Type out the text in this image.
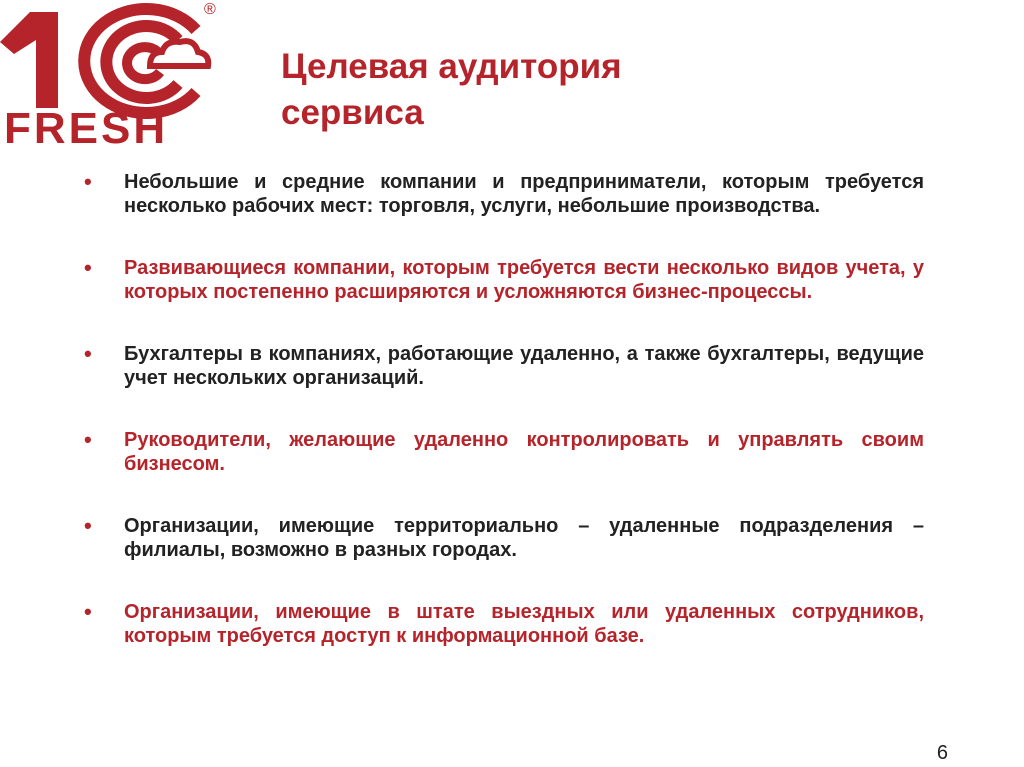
FRESH
®
Целевая аудитория
сервиса
• Небольшие и средние компании и предприниматели, которым требуется несколько рабочих мест: торговля, услуги, небольшие производства.
• Развивающиеся компании, которым требуется вести несколько видов учета, у которых постепенно расширяются и усложняются бизнес-процессы.
• Бухгалтеры в компаниях, работающие удаленно, а также бухгалтеры, ведущие учет нескольких организаций.
• Руководители, желающие удаленно контролировать и управлять своим бизнесом.
• Организации, имеющие территориально – удаленные подразделения – филиалы, возможно в разных городах.
• Организации, имеющие в штате выездных или удаленных сотрудников, которым требуется доступ к информационной базе.
6
